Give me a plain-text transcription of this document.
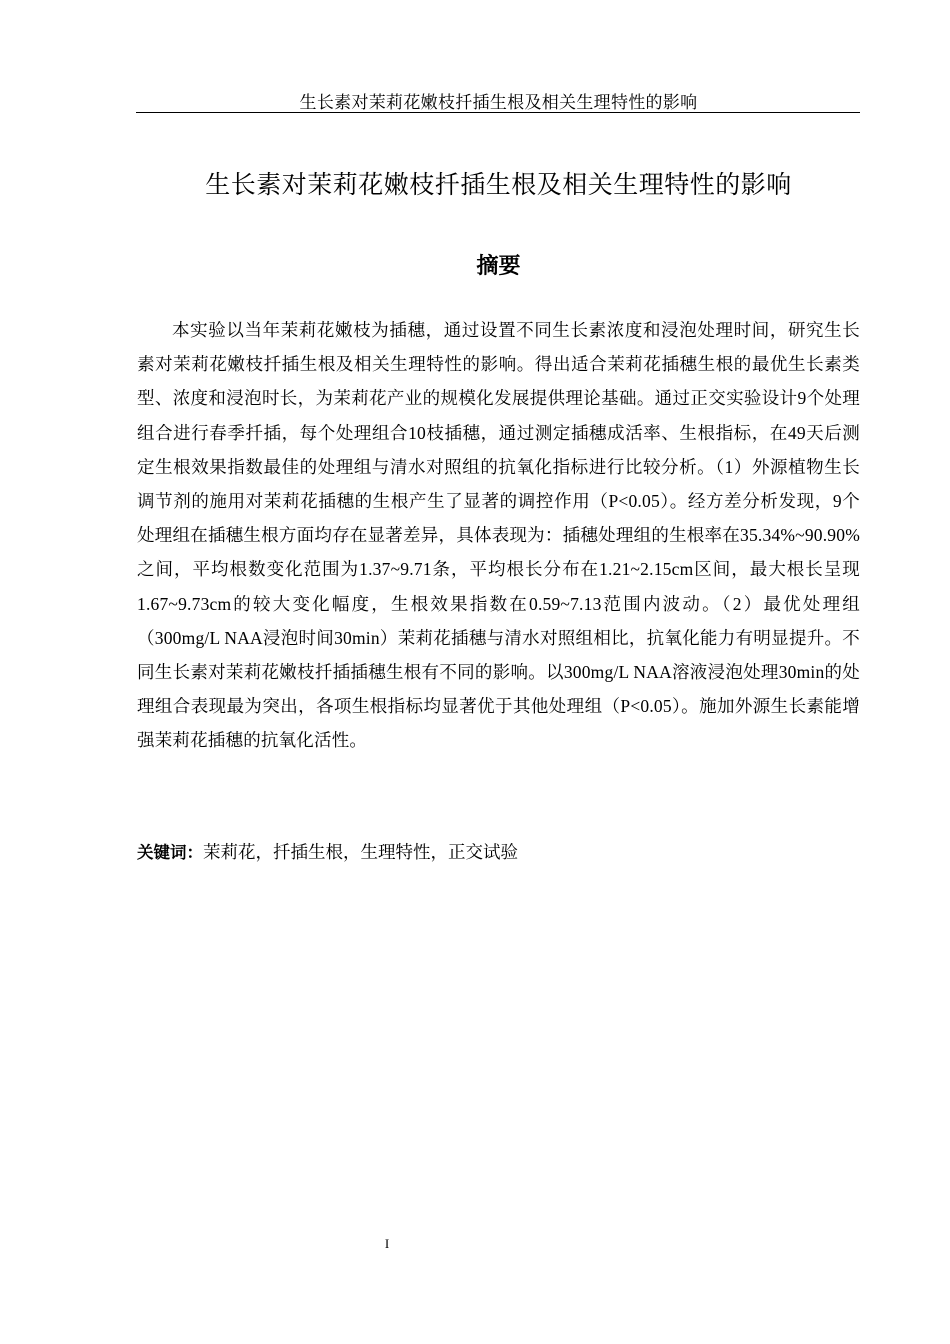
生长素对茉莉花嫩枝扦插生根及相关生理特性的影响
生长素对茉莉花嫩枝扦插生根及相关生理特性的影响
摘要

本实验以当年茉莉花嫩枝为插穗，通过设置不同生长素浓度和浸泡处理时间，研究生长素对茉莉花嫩枝扦插生根及相关生理特性的影响。得出适合茉莉花插穗生根的最优生长素类型、浓度和浸泡时长，为茉莉花产业的规模化发展提供理论基础。通过正交实验设计9个处理组合进行春季扦插，每个处理组合10枝插穗，通过测定插穗成活率、生根指标，在49天后测定生根效果指数最佳的处理组与清水对照组的抗氧化指标进行比较分析。（1）外源植物生长调节剂的施用对茉莉花插穗的生根产生了显著的调控作用（P<0.05）。经方差分析发现，9个处理组在插穗生根方面均存在显著差异，具体表现为：插穗处理组的生根率在35.34%~90.90%之间，平均根数变化范围为1.37~9.71条，平均根长分布在1.21~2.15cm区间，最大根长呈现1.67~9.73cm的较大变化幅度，生根效果指数在0.59~7.13范围内波动。（2）最优处理组（300mg/L NAA浸泡时间30min）茉莉花插穗与清水对照组相比，抗氧化能力有明显提升。不同生长素对茉莉花嫩枝扦插插穗生根有不同的影响。以300mg/L NAA溶液浸泡处理30min的处理组合表现最为突出，各项生根指标均显著优于其他处理组（P<0.05）。施加外源生长素能增强茉莉花插穗的抗氧化活性。

关键词：茉莉花，扦插生根，生理特性，正交试验

I
